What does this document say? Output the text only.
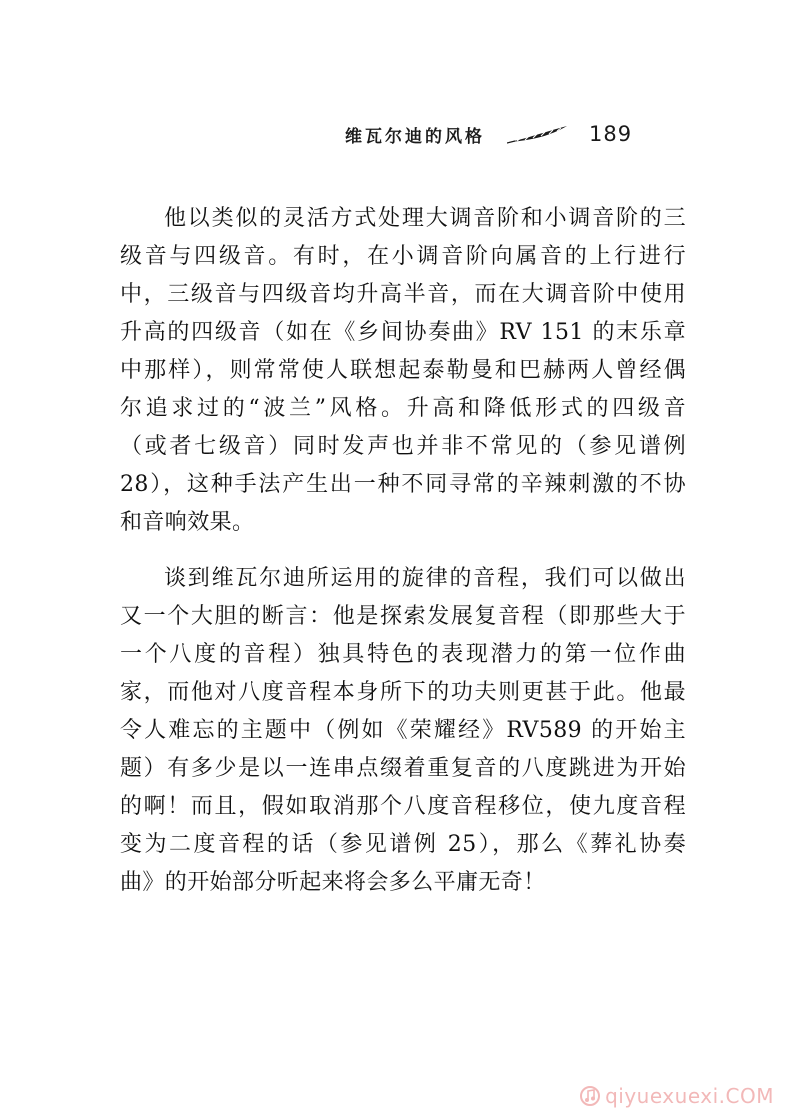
维瓦尔迪的风格	189
他以类似的灵活方式处理大调音阶和小调音阶的三
级音与四级音。有时，在小调音阶向属音的上行进行
中，三级音与四级音均升高半音，而在大调音阶中使用
升高的四级音（如在《乡间协奏曲》RV 151 的末乐章
中那样），则常常使人联想起泰勒曼和巴赫两人曾经偶
尔追求过的“波兰”风格。升高和降低形式的四级音
（或者七级音）同时发声也并非不常见的（参见谱例
28），这种手法产生出一种不同寻常的辛辣刺激的不协
和音响效果。
谈到维瓦尔迪所运用的旋律的音程，我们可以做出
又一个大胆的断言：他是探索发展复音程（即那些大于
一个八度的音程）独具特色的表现潜力的第一位作曲
家，而他对八度音程本身所下的功夫则更甚于此。他最
令人难忘的主题中（例如《荣耀经》RV589 的开始主
题）有多少是以一连串点缀着重复音的八度跳进为开始
的啊！而且，假如取消那个八度音程移位，使九度音程
变为二度音程的话（参见谱例 25），那么《葬礼协奏
曲》的开始部分听起来将会多么平庸无奇！
qiyuexuexi.COM
